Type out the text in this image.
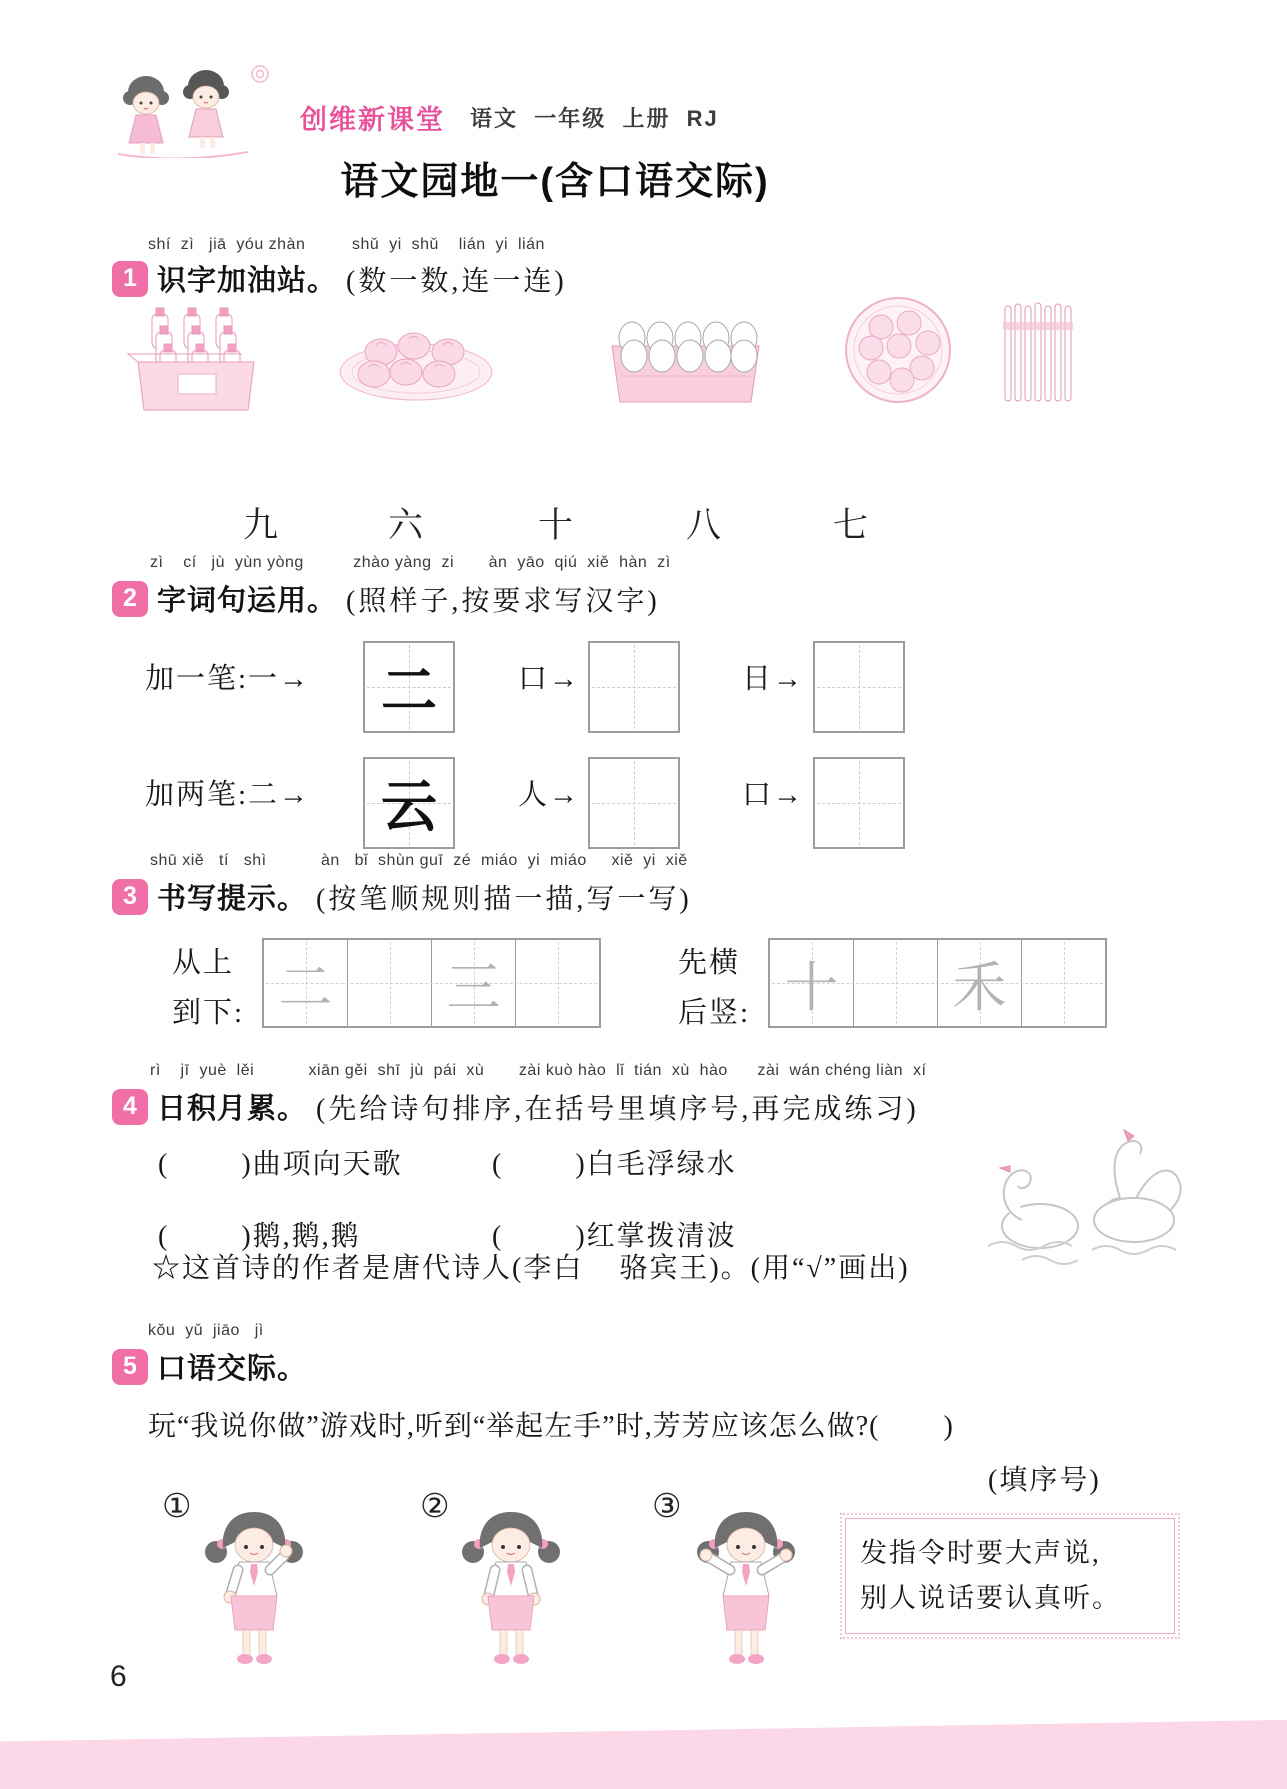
创维新课堂 语文  一年级  上册  RJ
语文园地一(含口语交际)
shí  zì   jiā  yóu zhàn	shǔ  yi  shǔ    lián  yi  lián
1 识字加油站。 (数一数,连一连)
九	六	十	八	七
zì    cí   jù  yùn yòng          zhào yàng  zi       àn  yāo  qiú  xiě  hàn  zì
2 字词句运用。 (照样子,按要求写汉字)
加一笔:一→ 二	口→	日→
加两笔:二→ 云	人→	口→
shū xiě   tí   shì           àn   bǐ  shùn guī  zé  miáo  yi  miáo     xiě  yi  xiě
3 书写提示。 (按笔顺规则描一描,写一写)
从上
到下: 二 三	先横
后竖: 十 禾
rì    jī  yuè  lěi           xiān gěi  shī  jù  pái  xù       zài kuò hào  lǐ  tián  xù  hào      zài  wán chéng liàn  xí
4 日积月累。 (先给诗句排序,在括号里填序号,再完成练习)
(        )曲项向天歌	(        )白毛浮绿水
(        )鹅,鹅,鹅	(        )红掌拨清波
☆这首诗的作者是唐代诗人(李白    骆宾王)。(用“√”画出)
kǒu  yǔ  jiāo   jì
5 口语交际。
玩“我说你做”游戏时,听到“举起左手”时,芳芳应该怎么做?(        )
(填序号)
①	②	③
发指令时要大声说,
别人说话要认真听。
6
